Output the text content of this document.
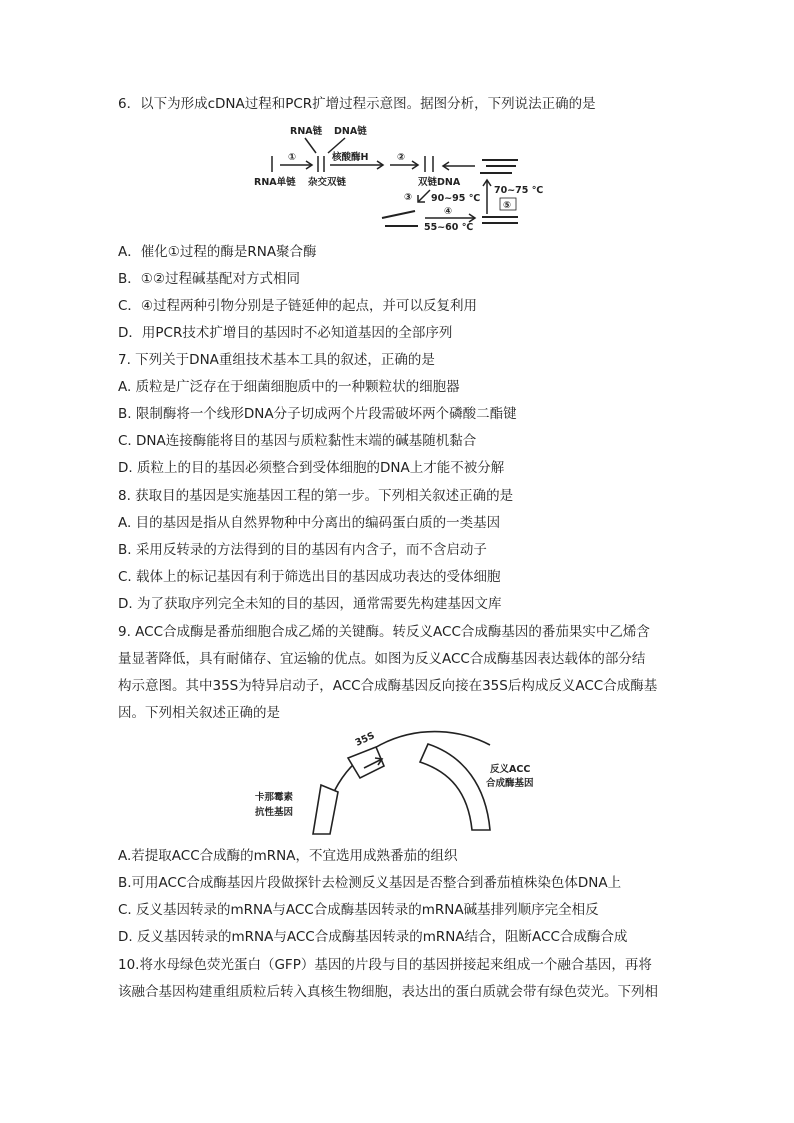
6．以下为形成cDNA过程和PCR扩增过程示意图。据图分析，下列说法正确的是
RNA链 DNA链
①	核酸酶H	②
RNA单链 杂交双链	双链DNA
③ 90~95 ℃
④
55~60 ℃
⑤
70~75 ℃
A．催化①过程的酶是RNA聚合酶
B．①②过程碱基配对方式相同
C．④过程两种引物分别是子链延伸的起点，并可以反复利用
D．用PCR技术扩增目的基因时不必知道基因的全部序列
7. 下列关于DNA重组技术基本工具的叙述，正确的是
A. 质粒是广泛存在于细菌细胞质中的一种颗粒状的细胞器
B. 限制酶将一个线形DNA分子切成两个片段需破坏两个磷酸二酯键
C. DNA连接酶能将目的基因与质粒黏性末端的碱基随机黏合
D. 质粒上的目的基因必须整合到受体细胞的DNA上才能不被分解
8. 获取目的基因是实施基因工程的第一步。下列相关叙述正确的是
A. 目的基因是指从自然界物种中分离出的编码蛋白质的一类基因
B. 采用反转录的方法得到的目的基因有内含子，而不含启动子
C. 载体上的标记基因有利于筛选出目的基因成功表达的受体细胞
D. 为了获取序列完全未知的目的基因，通常需要先构建基因文库
9. ACC合成酶是番茄细胞合成乙烯的关键酶。转反义ACC合成酶基因的番茄果实中乙烯含
量显著降低，具有耐储存、宜运输的优点。如图为反义ACC合成酶基因表达载体的部分结
构示意图。其中35S为特异启动子，ACC合成酶基因反向接在35S后构成反义ACC合成酶基
因。下列相关叙述正确的是
35S
反义ACC
合成酶基因
卡那霉素
抗性基因
A.若提取ACC合成酶的mRNA，不宜选用成熟番茄的组织
B.可用ACC合成酶基因片段做探针去检测反义基因是否整合到番茄植株染色体DNA上
C. 反义基因转录的mRNA与ACC合成酶基因转录的mRNA碱基排列顺序完全相反
D. 反义基因转录的mRNA与ACC合成酶基因转录的mRNA结合，阻断ACC合成酶合成
10.将水母绿色荧光蛋白（GFP）基因的片段与目的基因拼接起来组成一个融合基因，再将
该融合基因构建重组质粒后转入真核生物细胞，表达出的蛋白质就会带有绿色荧光。下列相
